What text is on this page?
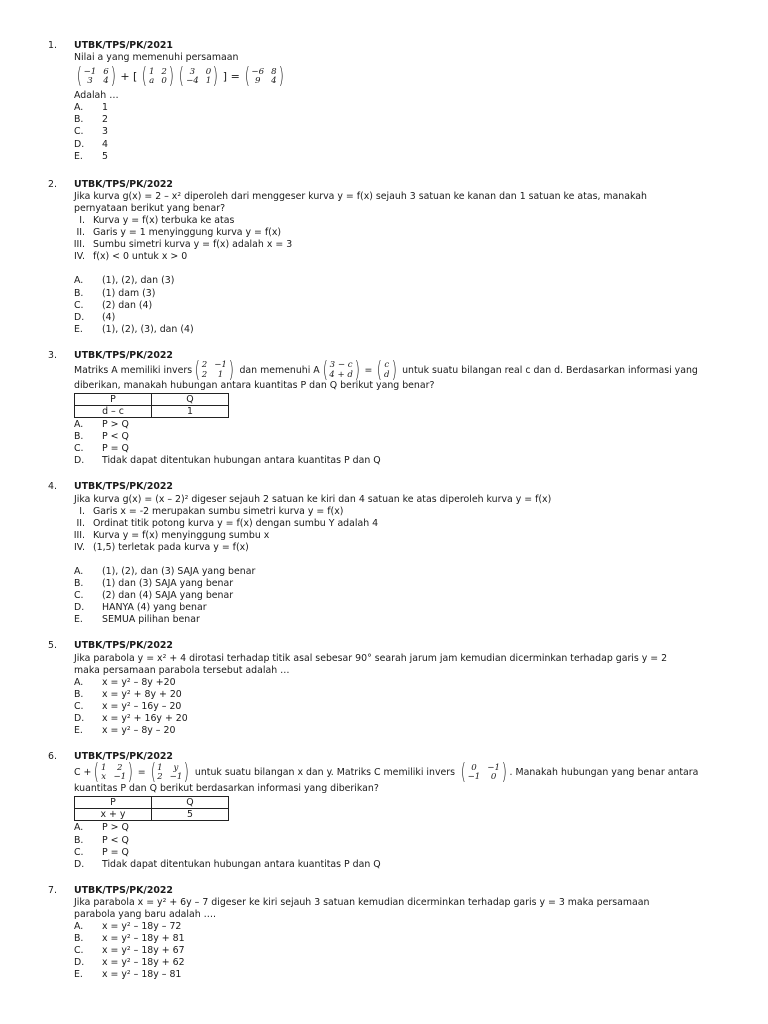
1. UTBK/TPS/PK/2021
Nilai a yang memenuhi persamaan
( −1 6
3	4 ) + [ ( 1 2
a 0 ) ( 3	0
−4 1 ) ] = ( −6 8
9	4 )
Adalah …
A.	1
B.	2
C.	3
D.	4
E.	5
2. UTBK/TPS/PK/2022
Jika kurva g(x) = 2 – x² diperoleh dari menggeser kurva y = f(x) sejauh 3 satuan ke kanan dan 1 satuan ke atas, manakah
pernyataan berikut yang benar?
I. Kurva y = f(x) terbuka ke atas
II. Garis y = 1 menyinggung kurva y = f(x)
III. Sumbu simetri kurva y = f(x) adalah x = 3
IV. f(x) < 0 untuk x > 0
A.	(1), (2), dan (3)
B.	(1) dam (3)
C.	(2) dan (4)
D.	(4)
E.	(1), (2), (3), dan (4)
3. UTBK/TPS/PK/2022
Matriks A memiliki invers ( 2 −1
2	1 ) dan memenuhi A ( 3 − c
4 + d ) = ( c
d ) untuk suatu bilangan real c dan d. Berdasarkan informasi yang
diberikan, manakah hubungan antara kuantitas P dan Q berikut yang benar?
P	Q
d – c	1
A.	P > Q
B.	P < Q
C.	P = Q
D.	Tidak dapat ditentukan hubungan antara kuantitas P dan Q
4. UTBK/TPS/PK/2022
Jika kurva g(x) = (x – 2)² digeser sejauh 2 satuan ke kiri dan 4 satuan ke atas diperoleh kurva y = f(x)
I. Garis x = -2 merupakan sumbu simetri kurva y = f(x)
II. Ordinat titik potong kurva y = f(x) dengan sumbu Y adalah 4
III. Kurva y = f(x) menyinggung sumbu x
IV. (1,5) terletak pada kurva y = f(x)
A.	(1), (2), dan (3) SAJA yang benar
B.	(1) dan (3) SAJA yang benar
C.	(2) dan (4) SAJA yang benar
D.	HANYA (4) yang benar
E.	SEMUA pilihan benar
5. UTBK/TPS/PK/2022
Jika parabola y = x² + 4 dirotasi terhadap titik asal sebesar 90° searah jarum jam kemudian dicerminkan terhadap garis y = 2
maka persamaan parabola tersebut adalah …
A.	x = y² – 8y +20
B.	x = y² + 8y + 20
C.	x = y² – 16y – 20
D.	x = y² + 16y + 20
E.	x = y² – 8y – 20
6. UTBK/TPS/PK/2022
C + ( 1	2
x −1 ) = ( 1	y
2 −1 ) untuk suatu bilangan x dan y. Matriks C memiliki invers ( 0	−1
−1	0 ) . Manakah hubungan yang benar antara
kuantitas P dan Q berikut berdasarkan informasi yang diberikan?
P	Q
x + y	5
A.	P > Q
B.	P < Q
C.	P = Q
D.	Tidak dapat ditentukan hubungan antara kuantitas P dan Q
7. UTBK/TPS/PK/2022
Jika parabola x = y² + 6y – 7 digeser ke kiri sejauh 3 satuan kemudian dicerminkan terhadap garis y = 3 maka persamaan
parabola yang baru adalah ….
A.	x = y² – 18y – 72
B.	x = y² – 18y + 81
C.	x = y² – 18y + 67
D.	x = y² – 18y + 62
E.	x = y² – 18y – 81
